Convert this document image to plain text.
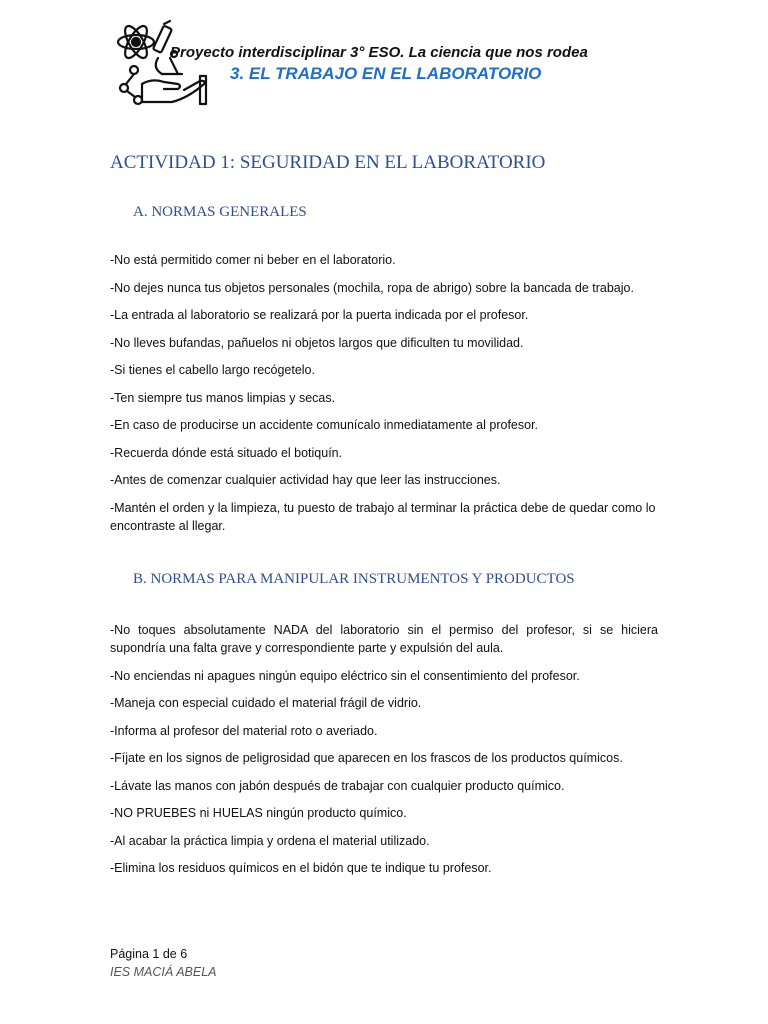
Proyecto interdisciplinar 3° ESO. La ciencia que nos rodea
3. EL TRABAJO EN EL LABORATORIO
ACTIVIDAD 1: SEGURIDAD EN EL LABORATORIO
A. NORMAS GENERALES

-No está permitido comer ni beber en el laboratorio.

-No dejes nunca tus objetos personales (mochila, ropa de abrigo) sobre la bancada de trabajo.

-La entrada al laboratorio se realizará por la puerta indicada por el profesor.

-No lleves bufandas, pañuelos ni objetos largos que dificulten tu movilidad.

-Si tienes el cabello largo recógetelo.

-Ten siempre tus manos limpias y secas.

-En caso de producirse un accidente comunícalo inmediatamente al profesor.

-Recuerda dónde está situado el botiquín.

-Antes de comenzar cualquier actividad hay que leer las instrucciones.

-Mantén el orden y la limpieza, tu puesto de trabajo al terminar la práctica debe de quedar como lo encontraste al llegar.

B. NORMAS PARA MANIPULAR INSTRUMENTOS Y PRODUCTOS

-No toques absolutamente NADA del laboratorio sin el permiso del profesor, si se hiciera supondría una falta grave y correspondiente parte y expulsión del aula.

-No enciendas ni apagues ningún equipo eléctrico sin el consentimiento del profesor.

-Maneja con especial cuidado el material frágil de vidrio.

-Informa al profesor del material roto o averiado.

-Fíjate en los signos de peligrosidad que aparecen en los frascos de los productos químicos.

-Lávate las manos con jabón después de trabajar con cualquier producto químico.

-NO PRUEBES ni HUELAS ningún producto químico.

-Al acabar la práctica limpia y ordena el material utilizado.

-Elimina los residuos químicos en el bidón que te indique tu profesor.

Página 1 de 6
IES MACIÁ ABELA
